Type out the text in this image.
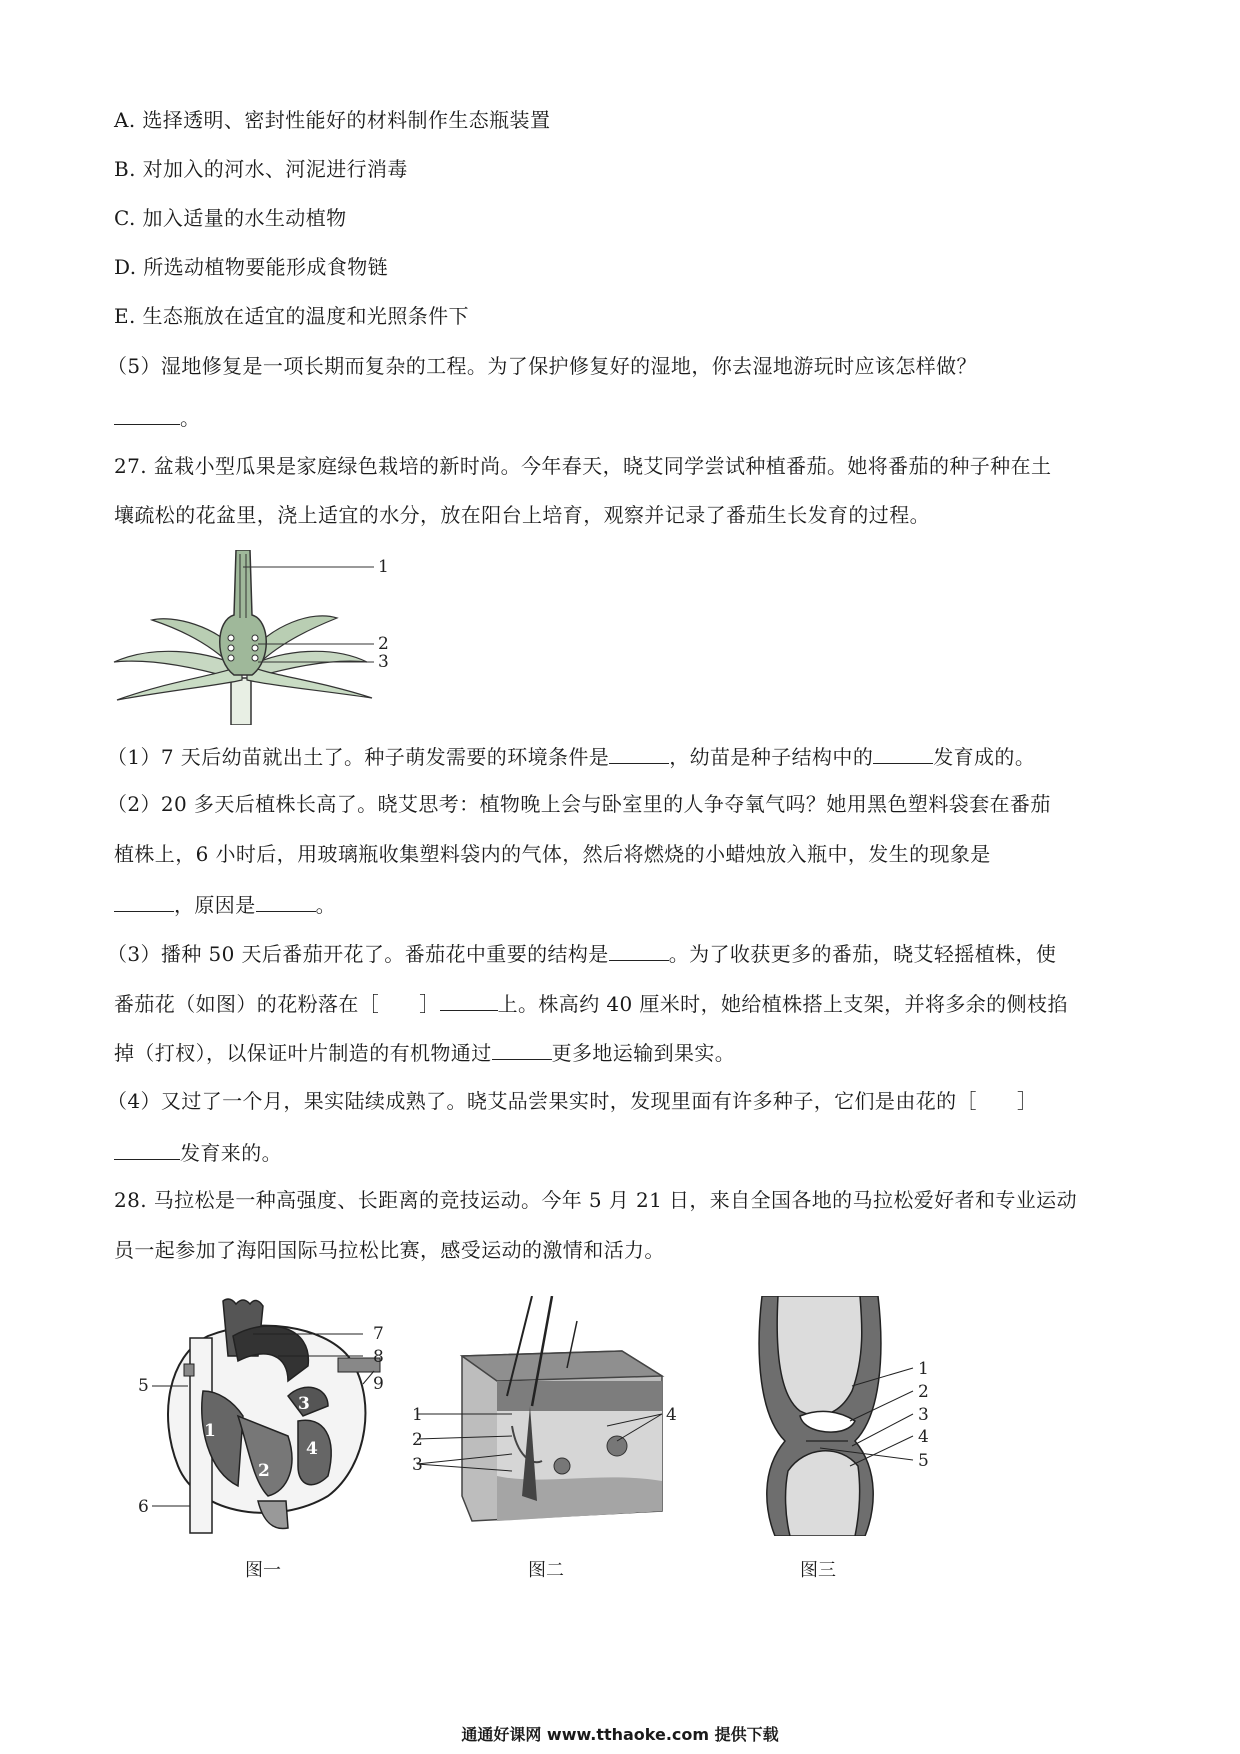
A. 选择透明、密封性能好的材料制作生态瓶装置
B. 对加入的河水、河泥进行消毒
C. 加入适量的水生动植物
D. 所选动植物要能形成食物链
E. 生态瓶放在适宜的温度和光照条件下
（5）湿地修复是一项长期而复杂的工程。为了保护修复好的湿地，你去湿地游玩时应该怎样做？
。
27. 盆栽小型瓜果是家庭绿色栽培的新时尚。今年春天，晓艾同学尝试种植番茄。她将番茄的种子种在土
壤疏松的花盆里，浇上适宜的水分，放在阳台上培育，观察并记录了番茄生长发育的过程。
1
2
3
（1）7 天后幼苗就出土了。种子萌发需要的环境条件是	，幼苗是种子结构中的	发育成的。
（2）20 多天后植株长高了。晓艾思考：植物晚上会与卧室里的人争夺氧气吗？她用黑色塑料袋套在番茄
植株上，6 小时后，用玻璃瓶收集塑料袋内的气体，然后将燃烧的小蜡烛放入瓶中，发生的现象是
，原因是	。
（3）播种 50 天后番茄开花了。番茄花中重要的结构是	。为了收获更多的番茄，晓艾轻摇植株，使
番茄花（如图）的花粉落在［ ］	上。株高约 40 厘米时，她给植株搭上支架，并将多余的侧枝掐
掉（打杈），以保证叶片制造的有机物通过	更多地运输到果实。
（4）又过了一个月，果实陆续成熟了。晓艾品尝果实时，发现里面有许多种子，它们是由花的［ ］
发育来的。
28. 马拉松是一种高强度、长距离的竞技运动。今年 5 月 21 日，来自全国各地的马拉松爱好者和专业运动
员一起参加了海阳国际马拉松比赛，感受运动的激情和活力。
1
2
3
4
5
6
7
8
9
图一
1
2
3
4
图二
1
2
3
4
5
图三
通通好课网 www.tthaoke.com 提供下载
